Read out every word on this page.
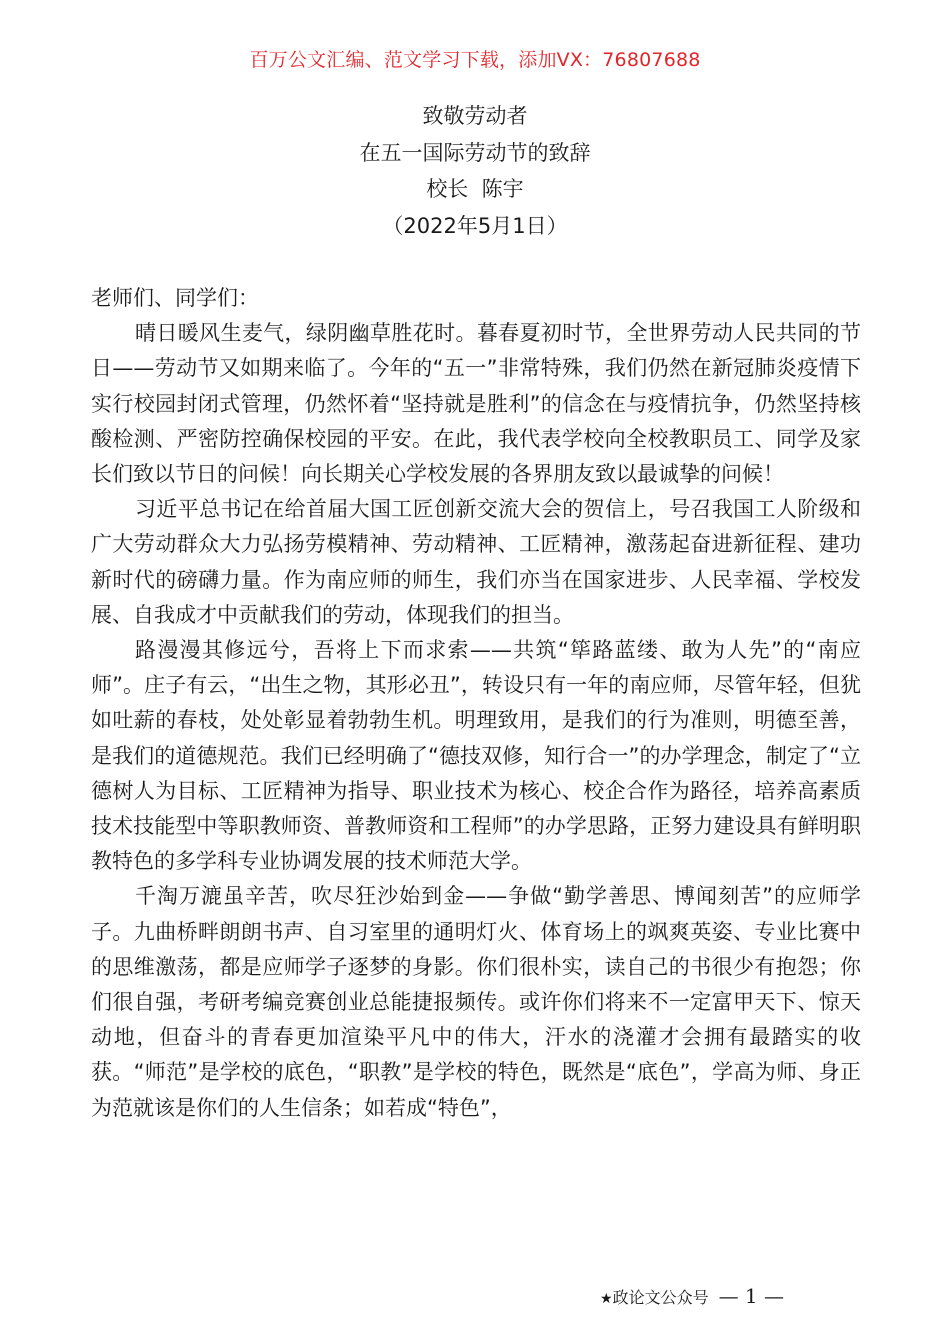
百万公文汇编、范文学习下载，添加VX：76807688
致敬劳动者
在五一国际劳动节的致辞
校长  陈宇
（2022年5月1日）

老师们、同学们：

晴日暖风生麦气，绿阴幽草胜花时。暮春夏初时节，全世界劳动人民共同的节日——劳动节又如期来临了。今年的“五一”非常特殊，我们仍然在新冠肺炎疫情下实行校园封闭式管理，仍然怀着“坚持就是胜利”的信念在与疫情抗争，仍然坚持核酸检测、严密防控确保校园的平安。在此，我代表学校向全校教职员工、同学及家长们致以节日的问候！向长期关心学校发展的各界朋友致以最诚挚的问候！

习近平总书记在给首届大国工匠创新交流大会的贺信上，号召我国工人阶级和广大劳动群众大力弘扬劳模精神、劳动精神、工匠精神，激荡起奋进新征程、建功新时代的磅礴力量。作为南应师的师生，我们亦当在国家进步、人民幸福、学校发展、自我成才中贡献我们的劳动，体现我们的担当。

路漫漫其修远兮，吾将上下而求索——共筑“筚路蓝缕、敢为人先”的“南应师”。庄子有云，“出生之物，其形必丑”，转设只有一年的南应师，尽管年轻，但犹如吐薪的春枝，处处彰显着勃勃生机。明理致用，是我们的行为准则，明德至善，是我们的道德规范。我们已经明确了“德技双修，知行合一”的办学理念，制定了“立德树人为目标、工匠精神为指导、职业技术为核心、校企合作为路径，培养高素质技术技能型中等职教师资、普教师资和工程师”的办学思路，正努力建设具有鲜明职教特色的多学科专业协调发展的技术师范大学。

千淘万漉虽辛苦，吹尽狂沙始到金——争做“勤学善思、博闻刻苦”的应师学子。九曲桥畔朗朗书声、自习室里的通明灯火、体育场上的飒爽英姿、专业比赛中的思维激荡，都是应师学子逐梦的身影。你们很朴实，读自己的书很少有抱怨；你们很自强，考研考编竞赛创业总能捷报频传。或许你们将来不一定富甲天下、惊天动地，但奋斗的青春更加渲染平凡中的伟大，汗水的浇灌才会拥有最踏实的收获。“师范”是学校的底色，“职教”是学校的特色，既然是“底色”，学高为师、身正为范就该是你们的人生信条；如若成“特色”，

★政论文公众号 — 1 —
